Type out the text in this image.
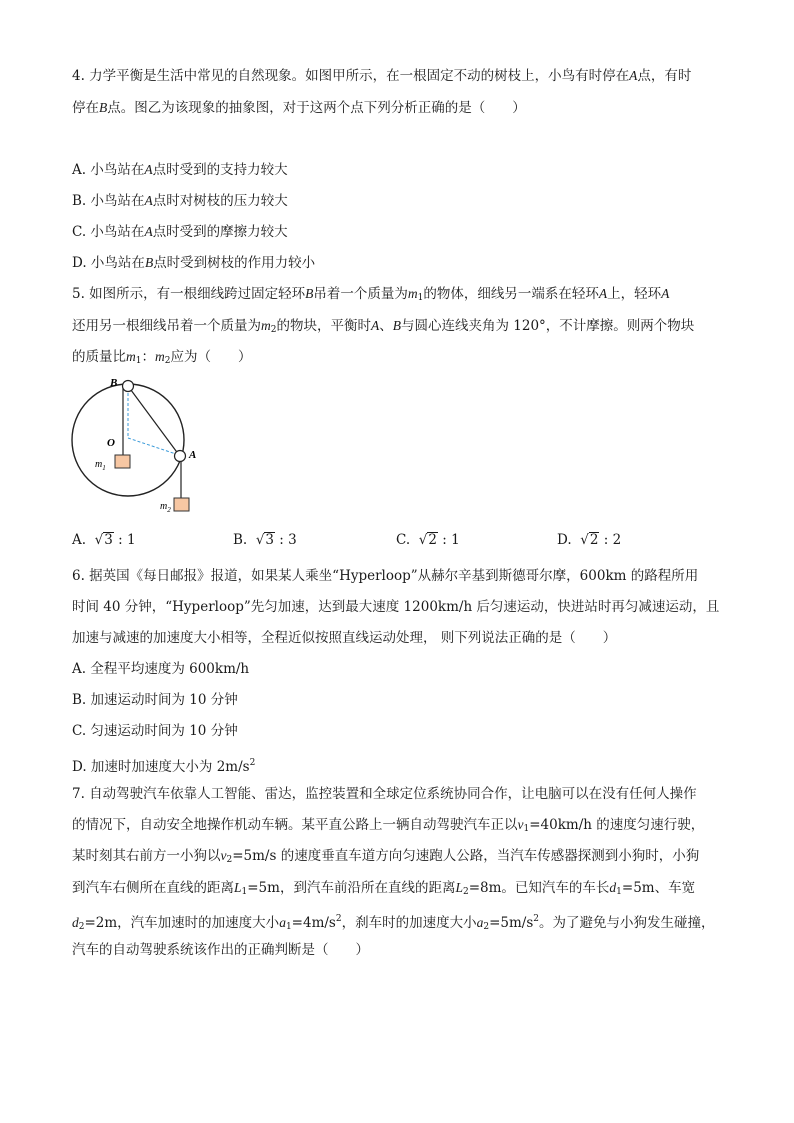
4. 力学平衡是生活中常见的自然现象。如图甲所示，在一根固定不动的树枝上，小鸟有时停在A点，有时
停在B点。图乙为该现象的抽象图，对于这两个点下列分析正确的是（　　）
A. 小鸟站在A点时受到的支持力较大
B. 小鸟站在A点时对树枝的压力较大
C. 小鸟站在A点时受到的摩擦力较大
D. 小鸟站在B点时受到树枝的作用力较小
5. 如图所示，有一根细线跨过固定轻环B吊着一个质量为$m_1$的物体，细线另一端系在轻环A上，轻环A
还用另一根细线吊着一个质量为$m_2$的物块，平衡时A、B与圆心连线夹角为 120°，不计摩擦。则两个物块
的质量比$m_1$：$m_2$应为（　　）
B
O
A
$m_1$
$m_2$
A. √3 : 1	B. √3 : 3	C. √2 : 1	D. √2 : 2
6. 据英国《每日邮报》报道，如果某人乘坐“Hyperloop”从赫尔辛基到斯德哥尔摩，600km 的路程所用
时间 40 分钟，“Hyperloop”先匀加速，达到最大速度 1200km/h 后匀速运动，快进站时再匀减速运动，且
加速与减速的加速度大小相等，全程近似按照直线运动处理， 则下列说法正确的是（　　）
A. 全程平均速度为 600km/h
B. 加速运动时间为 10 分钟
C. 匀速运动时间为 10 分钟
D. 加速时加速度大小为 $2m/s^2$
7. 自动驾驶汽车依靠人工智能、雷达，监控装置和全球定位系统协同合作，让电脑可以在没有任何人操作
的情况下，自动安全地操作机动车辆。某平直公路上一辆自动驾驶汽车正以$v_1=40km/h$ 的速度匀速行驶，
某时刻其右前方一小狗以$v_2=5m/s$ 的速度垂直车道方向匀速跑人公路，当汽车传感器探测到小狗时，小狗
到汽车右侧所在直线的距离$L_1=5m$，到汽车前沿所在直线的距离$L_2=8m$。已知汽车的车长$d_1=5m$、车宽
$d_2=2m$，汽车加速时的加速度大小$a_1=4m/s^2$，刹车时的加速度大小$a_2=5m/s^2$。为了避免与小狗发生碰撞，
汽车的自动驾驶系统该作出的正确判断是（　　）
